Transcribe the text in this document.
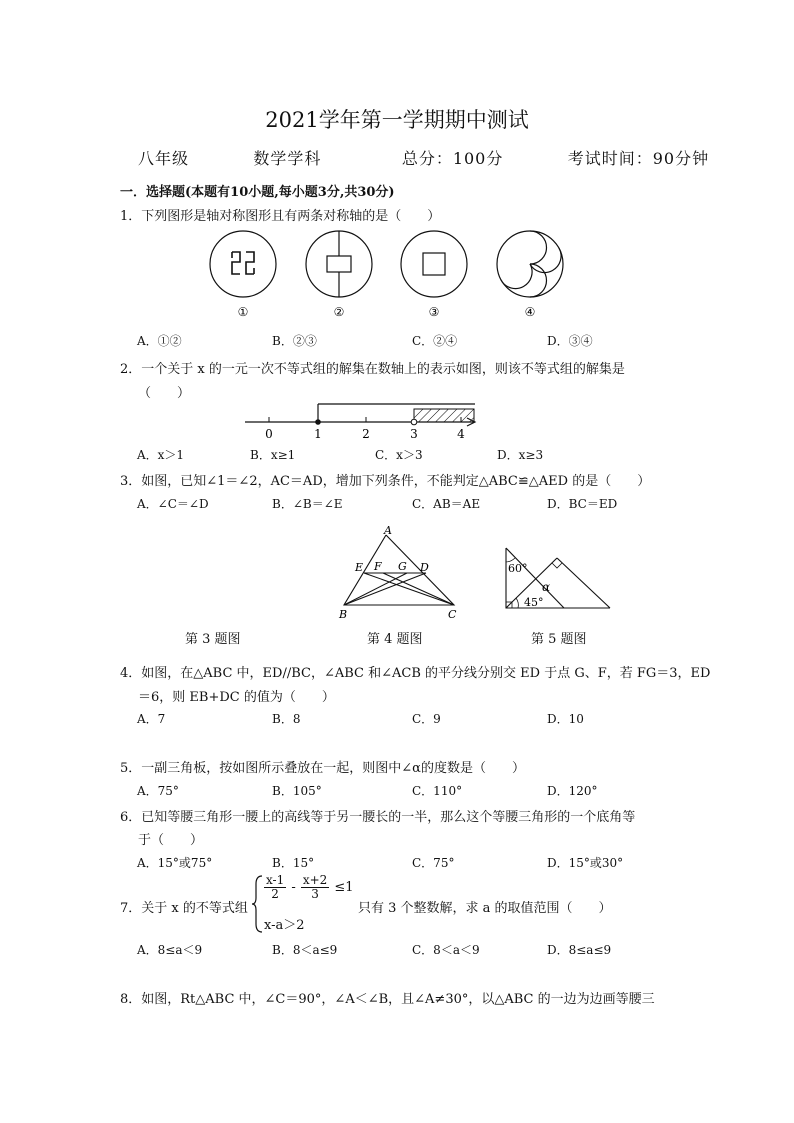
2021学年第一学期期中测试
八年级	数学学科	总分：100分	考试时间：90分钟
一．选择题(本题有10小题,每小题3分,共30分)
1．下列图形是轴对称图形且有两条对称轴的是（　　）
①	②	③	④
A．①②	B．②③	C．②④	D．③④
2．一个关于 x 的一元一次不等式组的解集在数轴上的表示如图，则该不等式组的解集是
（　　）
0	1	2	3	4
A．x＞1	B．x≥1	C．x＞3	D．x≥3
3．如图，已知∠1＝∠2，AC＝AD，增加下列条件，不能判定△ABC≌△AED 的是（　　）
A．∠C＝∠D	B．∠B＝∠E	C．AB＝AE	D．BC＝ED
A
E F G D
B	C
60°
α
45°
第 3 题图	第 4 题图	第 5 题图
4．如图，在△ABC 中，ED//BC，∠ABC 和∠ACB 的平分线分别交 ED 于点 G、F，若 FG＝3，ED
＝6，则 EB+DC 的值为（　　）
A．7	B．8	C．9	D．10
5．一副三角板，按如图所示叠放在一起，则图中∠α的度数是（　　）
A．75°	B．105°	C．110°	D．120°
6．已知等腰三角形一腰上的高线等于另一腰长的一半，那么这个等腰三角形的一个底角等
于（　　）
A．15°或75°	B．15°	C．75°	D．15°或30°
7．关于 x 的不等式组
$\frac{x-1}{2} - \frac{x+2}{3} \le 1$
x-a＞2
只有 3 个整数解，求 a 的取值范围（　　）
A．8≤a＜9	B．8＜a≤9	C．8＜a＜9	D．8≤a≤9
8．如图，Rt△ABC 中，∠C＝90°，∠A＜∠B，且∠A≠30°，以△ABC 的一边为边画等腰三
